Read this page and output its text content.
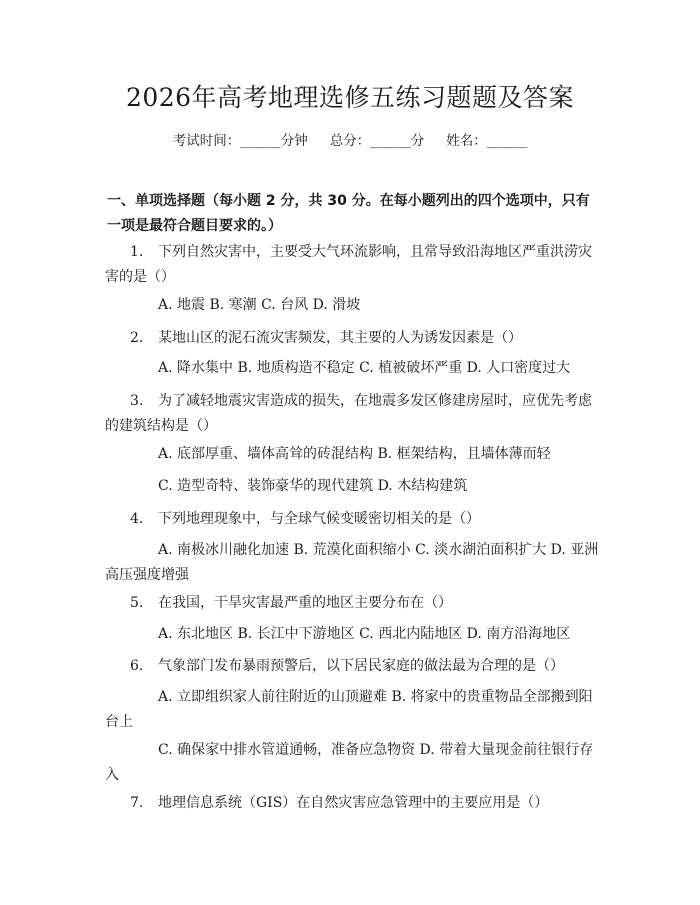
2026年高考地理选修五练习题题及答案
考试时间：______分钟 总分：______分 姓名：______
一、单项选择题（每小题 2 分，共 30 分。在每小题列出的四个选项中，只有一项是最符合题目要求的。）

1. 下列自然灾害中，主要受大气环流影响，且常导致沿海地区严重洪涝灾害的是（）

A. 地震 B. 寒潮 C. 台风 D. 滑坡

2. 某地山区的泥石流灾害频发，其主要的人为诱发因素是（）

A. 降水集中 B. 地质构造不稳定 C. 植被破坏严重 D. 人口密度过大

3. 为了减轻地震灾害造成的损失，在地震多发区修建房屋时，应优先考虑的建筑结构是（）

A. 底部厚重、墙体高耸的砖混结构 B. 框架结构，且墙体薄而轻

C. 造型奇特、装饰豪华的现代建筑 D. 木结构建筑

4. 下列地理现象中，与全球气候变暖密切相关的是（）

A. 南极冰川融化加速 B. 荒漠化面积缩小 C. 淡水湖泊面积扩大 D. 亚洲高压强度增强

5. 在我国，干旱灾害最严重的地区主要分布在（）

A. 东北地区 B. 长江中下游地区 C. 西北内陆地区 D. 南方沿海地区

6. 气象部门发布暴雨预警后，以下居民家庭的做法最为合理的是（）

A. 立即组织家人前往附近的山顶避难 B. 将家中的贵重物品全部搬到阳台上

C. 确保家中排水管道通畅，准备应急物资 D. 带着大量现金前往银行存入

7. 地理信息系统（GIS）在自然灾害应急管理中的主要应用是（）
